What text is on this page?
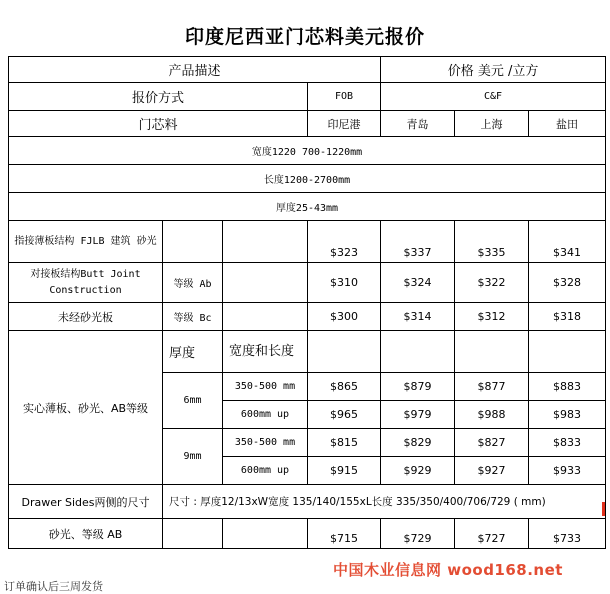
印度尼西亚门芯料美元报价
产品描述				价格 美元 /立方		
报价方式			FOB	C&F		
门芯料			印尼港	青岛	上海	盐田
宽度1220 700-1220mm						
长度1200-2700mm						
厚度25-43mm						
指接薄板结构 FJLB 建筑 砂光			$323	$337	$335	$341
对接板结构Butt Joint Construction	等级 Ab		$310	$324	$322	$328
未经砂光板	等级 Bc		$300	$314	$312	$318
实心薄板、砂光、AB等级	厚度	宽度和长度				
	6mm	350-500 mm	$865	$879	$877	$883
		600mm up	$965	$979	$988	$983
	9mm	350-500 mm	$815	$829	$827	$833
		600mm up	$915	$929	$927	$933
Drawer Sides两侧的尺寸	尺寸 : 厚度12/13xW宽度 135/140/155xL长度 335/350/400/706/729 ( mm)					
砂光、等级 AB			$715	$729	$727	$733
订单确认后三周发货
中国木业信息网 wood168.net
